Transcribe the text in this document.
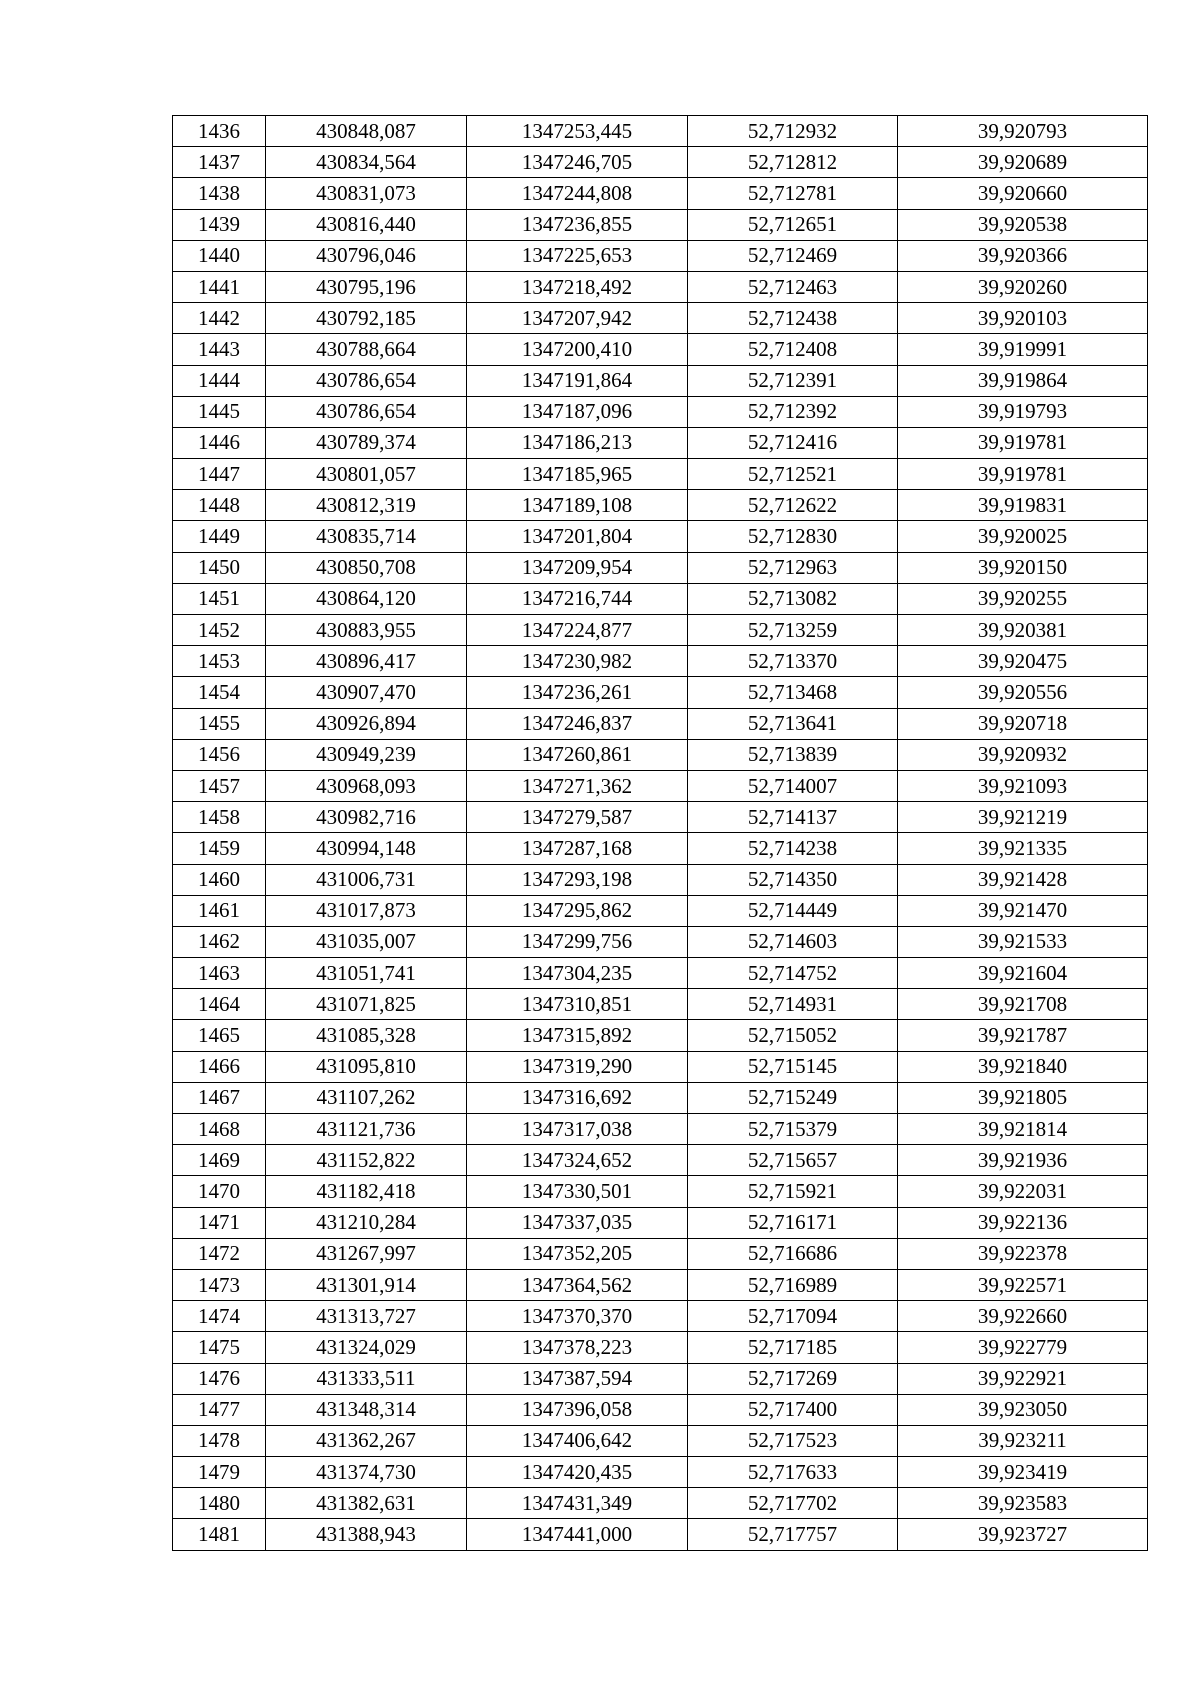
1436	430848,087	1347253,445	52,712932	39,920793
1437	430834,564	1347246,705	52,712812	39,920689
1438	430831,073	1347244,808	52,712781	39,920660
1439	430816,440	1347236,855	52,712651	39,920538
1440	430796,046	1347225,653	52,712469	39,920366
1441	430795,196	1347218,492	52,712463	39,920260
1442	430792,185	1347207,942	52,712438	39,920103
1443	430788,664	1347200,410	52,712408	39,919991
1444	430786,654	1347191,864	52,712391	39,919864
1445	430786,654	1347187,096	52,712392	39,919793
1446	430789,374	1347186,213	52,712416	39,919781
1447	430801,057	1347185,965	52,712521	39,919781
1448	430812,319	1347189,108	52,712622	39,919831
1449	430835,714	1347201,804	52,712830	39,920025
1450	430850,708	1347209,954	52,712963	39,920150
1451	430864,120	1347216,744	52,713082	39,920255
1452	430883,955	1347224,877	52,713259	39,920381
1453	430896,417	1347230,982	52,713370	39,920475
1454	430907,470	1347236,261	52,713468	39,920556
1455	430926,894	1347246,837	52,713641	39,920718
1456	430949,239	1347260,861	52,713839	39,920932
1457	430968,093	1347271,362	52,714007	39,921093
1458	430982,716	1347279,587	52,714137	39,921219
1459	430994,148	1347287,168	52,714238	39,921335
1460	431006,731	1347293,198	52,714350	39,921428
1461	431017,873	1347295,862	52,714449	39,921470
1462	431035,007	1347299,756	52,714603	39,921533
1463	431051,741	1347304,235	52,714752	39,921604
1464	431071,825	1347310,851	52,714931	39,921708
1465	431085,328	1347315,892	52,715052	39,921787
1466	431095,810	1347319,290	52,715145	39,921840
1467	431107,262	1347316,692	52,715249	39,921805
1468	431121,736	1347317,038	52,715379	39,921814
1469	431152,822	1347324,652	52,715657	39,921936
1470	431182,418	1347330,501	52,715921	39,922031
1471	431210,284	1347337,035	52,716171	39,922136
1472	431267,997	1347352,205	52,716686	39,922378
1473	431301,914	1347364,562	52,716989	39,922571
1474	431313,727	1347370,370	52,717094	39,922660
1475	431324,029	1347378,223	52,717185	39,922779
1476	431333,511	1347387,594	52,717269	39,922921
1477	431348,314	1347396,058	52,717400	39,923050
1478	431362,267	1347406,642	52,717523	39,923211
1479	431374,730	1347420,435	52,717633	39,923419
1480	431382,631	1347431,349	52,717702	39,923583
1481	431388,943	1347441,000	52,717757	39,923727
